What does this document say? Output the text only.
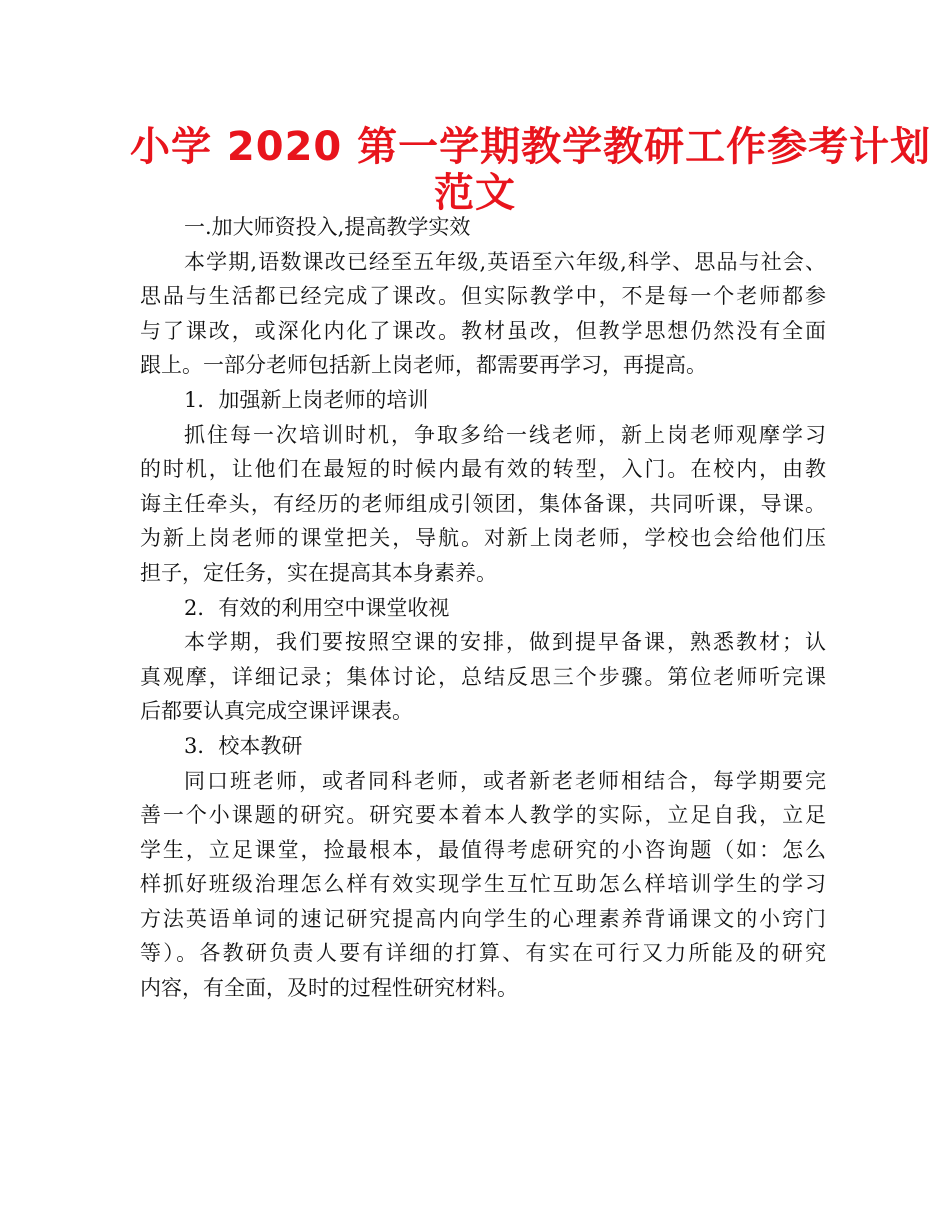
小学 2020 第一学期教学教研工作参考计划
范文
一.加大师资投入,提高教学实效
本学期,语数课改已经至五年级,英语至六年级,科学、思品与社会、
思品与生活都已经完成了课改。但实际教学中，不是每一个老师都参
与了课改，或深化内化了课改。教材虽改，但教学思想仍然没有全面
跟上。一部分老师包括新上岗老师，都需要再学习，再提高。
1．加强新上岗老师的培训
抓住每一次培训时机，争取多给一线老师，新上岗老师观摩学习
的时机，让他们在最短的时候内最有效的转型，入门。在校内，由教
诲主任牵头，有经历的老师组成引领团，集体备课，共同听课，导课。
为新上岗老师的课堂把关，导航。对新上岗老师，学校也会给他们压
担子，定任务，实在提高其本身素养。
2．有效的利用空中课堂收视
本学期，我们要按照空课的安排，做到提早备课，熟悉教材；认
真观摩，详细记录；集体讨论，总结反思三个步骤。第位老师听完课
后都要认真完成空课评课表。
3．校本教研
同口班老师，或者同科老师，或者新老老师相结合，每学期要完
善一个小课题的研究。研究要本着本人教学的实际，立足自我，立足
学生，立足课堂，捡最根本，最值得考虑研究的小咨询题（如：怎么
样抓好班级治理怎么样有效实现学生互忙互助怎么样培训学生的学习
方法英语单词的速记研究提高内向学生的心理素养背诵课文的小窍门
等）。各教研负责人要有详细的打算、有实在可行又力所能及的研究
内容，有全面，及时的过程性研究材料。
